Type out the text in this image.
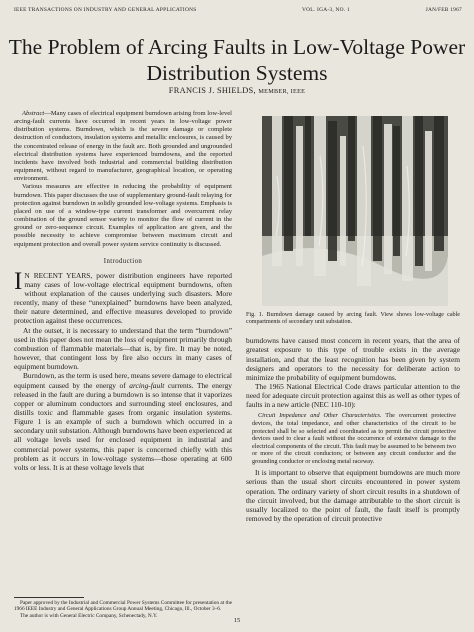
IEEE TRANSACTIONS ON INDUSTRY AND GENERAL APPLICATIONS	VOL. IGA-3, NO. 1	JAN/FEB 1967
The Problem of Arcing Faults in Low-Voltage Power Distribution Systems
FRANCIS J. SHIELDS, MEMBER, IEEE

Abstract—Many cases of electrical equipment burndown arising from low-level arcing-fault currents have occurred in recent years in low-voltage power distribution systems. Burndown, which is the severe damage or complete destruction of conductors, insulation systems and metallic enclosures, is caused by the concentrated release of energy in the fault arc. Both grounded and ungrounded electrical distribution systems have experienced burndowns, and the reported incidents have involved both industrial and commercial building distribution equipment, without regard to manufacturer, geographical location, or operating environment.

Various measures are effective in reducing the probability of equipment burndown. This paper discusses the use of supplementary ground-fault relaying for protection against burndown in solidly grounded low-voltage systems. Emphasis is placed on use of a window-type current transformer and overcurrent relay combination of the ground sensor variety to monitor the flow of current in the ground or zero-sequence circuit. Examples of application are given, and the possible necessity to achieve compromise between maximum circuit and equipment protection and overall power system service continuity is discussed.

Introduction

I N RECENT YEARS, power distribution engineers have reported many cases of low-voltage electrical equipment burndowns, often without explanation of the causes underlying such disasters. More recently, many of these “unexplained” burndowns have been analyzed, their nature determined, and effective measures developed to provide protection against these occurrences.

At the outset, it is necessary to understand that the term “burndown” used in this paper does not mean the loss of equipment primarily through combustion of flammable materials—that is, by fire. It may be noted, however, that contingent loss by fire also occurs in many cases of equipment burndown.

Burndown, as the term is used here, means severe damage to electrical equipment caused by the energy of arcing-fault currents. The energy released in the fault are during a burndown is so intense that it vaporizes copper or aluminum conductors and surrounding steel enclosures, and distills toxic and flammable gases from organic insulation systems. Figure 1 is an example of such a burndown which occurred in a secondary unit substation. Although burndowns have been experienced at all voltage levels used for enclosed equipment in industrial and commercial power systems, this paper is concerned chiefly with this problem as it occurs in low-voltage systems—those operating at 600 volts or less. It is at these voltage levels that

Paper approved by the Industrial and Commercial Power Systems Committee for presentation at the 1966 IEEE Industry and General Applications Group Annual Meeting, Chicago, Ill., October 3–6.

The author is with General Electric Company, Schenectady, N.Y.

Fig. 1. Burndown damage caused by arcing fault. View shows low-voltage cable compartments of secondary unit substation.

burndowns have caused most concern in recent years, that the area of greatest exposure to this type of trouble exists in the average installation, and that the least recognition has been given by system designers and operators to the necessity for deliberate action to minimize the probability of equipment burndowns.

The 1965 National Electrical Code draws particular attention to the need for adequate circuit protection against this as well as other types of faults in a new article (NEC 110-10):

Circuit Impedance and Other Characteristics. The overcurrent protective devices, the total impedance, and other characteristics of the circuit to be protected shall be so selected and coordinated as to permit the circuit protective devices used to clear a fault without the occurrence of extensive damage to the electrical components of the circuit. This fault may be assumed to be between two or more of the circuit conductors; or between any circuit conductor and the grounding conductor or enclosing metal raceway.

It is important to observe that equipment burndowns are much more serious than the usual short circuits encountered in power system operation. The ordinary variety of short circuit results in a shutdown of the circuit involved, but the damage attributable to the short circuit is usually localized to the point of fault, the fault itself is promptly removed by the operation of circuit protective

15
